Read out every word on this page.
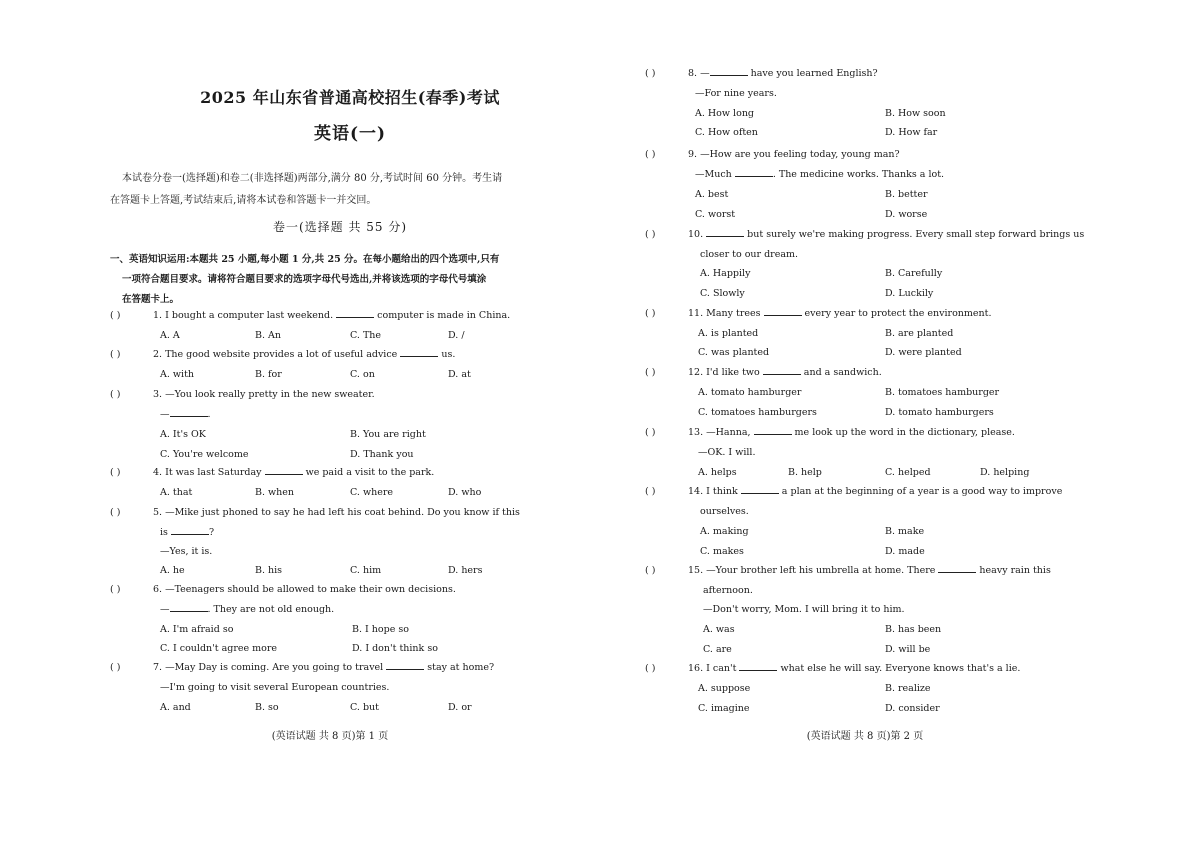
2025 年山东省普通高校招生(春季)考试
英语(一)
本试卷分卷一(选择题)和卷二(非选择题)两部分,满分 80 分,考试时间 60 分钟。考生请
在答题卡上答题,考试结束后,请将本试卷和答题卡一并交回。
卷一(选择题 共 55 分)
一、英语知识运用:本题共 25 小题,每小题 1 分,共 25 分。在每小题给出的四个选项中,只有
一项符合题目要求。请将符合题目要求的选项字母代号选出,并将该选项的字母代号填涂
在答题卡上。
( )	1. I bought a computer last weekend.	computer is made in China.
A. A	B. An	C. The	D. /
( )	2. The good website provides a lot of useful advice	us.
A. with	B. for	C. on	D. at
( )	3. —You look really pretty in the new sweater.
—	.
A. It's OK	B. You are right
C. You're welcome	D. Thank you
( )	4. It was last Saturday	we paid a visit to the park.
A. that	B. when	C. where	D. who
( )	5. —Mike just phoned to say he had left his coat behind. Do you know if this
is	?
—Yes, it is.
A. he	B. his	C. him	D. hers
( )	6. —Teenagers should be allowed to make their own decisions.
—	. They are not old enough.
A. I'm afraid so	B. I hope so
C. I couldn't agree more	D. I don't think so
( )	7. —May Day is coming. Are you going to travel	stay at home?
—I'm going to visit several European countries.
A. and	B. so	C. but	D. or
(英语试题 共 8 页)第 1 页
( )	8. —	have you learned English?
—For nine years.
A. How long	B. How soon
C. How often	D. How far
( )	9. —How are you feeling today, young man?
—Much	. The medicine works. Thanks a lot.
A. best	B. better
C. worst	D. worse
( )	10.	but surely we're making progress. Every small step forward brings us
closer to our dream.
A. Happily	B. Carefully
C. Slowly	D. Luckily
( )	11. Many trees	every year to protect the environment.
A. is planted	B. are planted
C. was planted	D. were planted
( )	12. I'd like two	and a sandwich.
A. tomato hamburger	B. tomatoes hamburger
C. tomatoes hamburgers	D. tomato hamburgers
( )	13. —Hanna,	me look up the word in the dictionary, please.
—OK. I will.
A. helps	B. help	C. helped	D. helping
( )	14. I think	a plan at the beginning of a year is a good way to improve
ourselves.
A. making	B. make
C. makes	D. made
( )	15. —Your brother left his umbrella at home. There	heavy rain this
afternoon.
—Don't worry, Mom. I will bring it to him.
A. was	B. has been
C. are	D. will be
( )	16. I can't	what else he will say. Everyone knows that's a lie.
A. suppose	B. realize
C. imagine	D. consider
(英语试题 共 8 页)第 2 页
